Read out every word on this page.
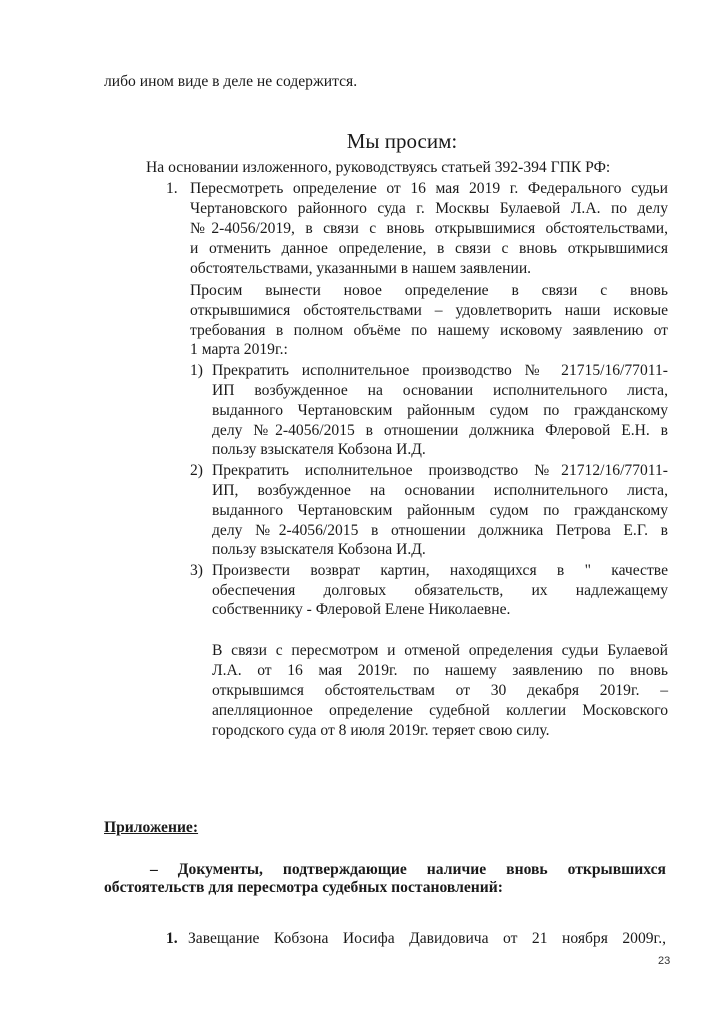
либо ином виде в деле не содержится.
Мы просим:
На основании изложенного, руководствуясь статьей 392-394 ГПК РФ:
1. Пересмотреть определение от 16 мая 2019 г. Федерального судьи
Чертановского районного суда г. Москвы Булаевой Л.А. по делу
№2-4056/2019, в связи с вновь открывшимися обстоятельствами,
и отменить данное определение, в связи с вновь открывшимися
обстоятельствами, указанными в нашем заявлении.
Просим вынести новое определение в связи с вновь
открывшимися обстоятельствами – удовлетворить наши исковые
требования в полном объёме по нашему исковому заявлению от
1 марта 2019г.:
1) Прекратить исполнительное производство № 21715/16/77011-
ИП возбужденное на основании исполнительного листа,
выданного Чертановским районным судом по гражданскому
делу №2-4056/2015 в отношении должника Флеровой Е.Н. в
пользу взыскателя Кобзона И.Д.
2) Прекратить исполнительное производство №21712/16/77011-
ИП, возбужденное на основании исполнительного листа,
выданного Чертановским районным судом по гражданскому
делу №2-4056/2015 в отношении должника Петрова Е.Г. в
пользу взыскателя Кобзона И.Д.
3) Произвести возврат картин, находящихся в " качестве
обеспечения долговых обязательств, их надлежащему
собственнику - Флеровой Елене Николаевне.
В связи с пересмотром и отменой определения судьи Булаевой
Л.А. от 16 мая 2019г. по нашему заявлению по вновь
открывшимся обстоятельствам от 30 декабря 2019г. –
апелляционное определение судебной коллегии Московского
городского суда от 8 июля 2019г. теряет свою силу.
Приложение:
– Документы, подтверждающие наличие вновь открывшихся
обстоятельств для пересмотра судебных постановлений:
1. Завещание Кобзона Иосифа Давидовича от 21 ноября 2009г.,
23
